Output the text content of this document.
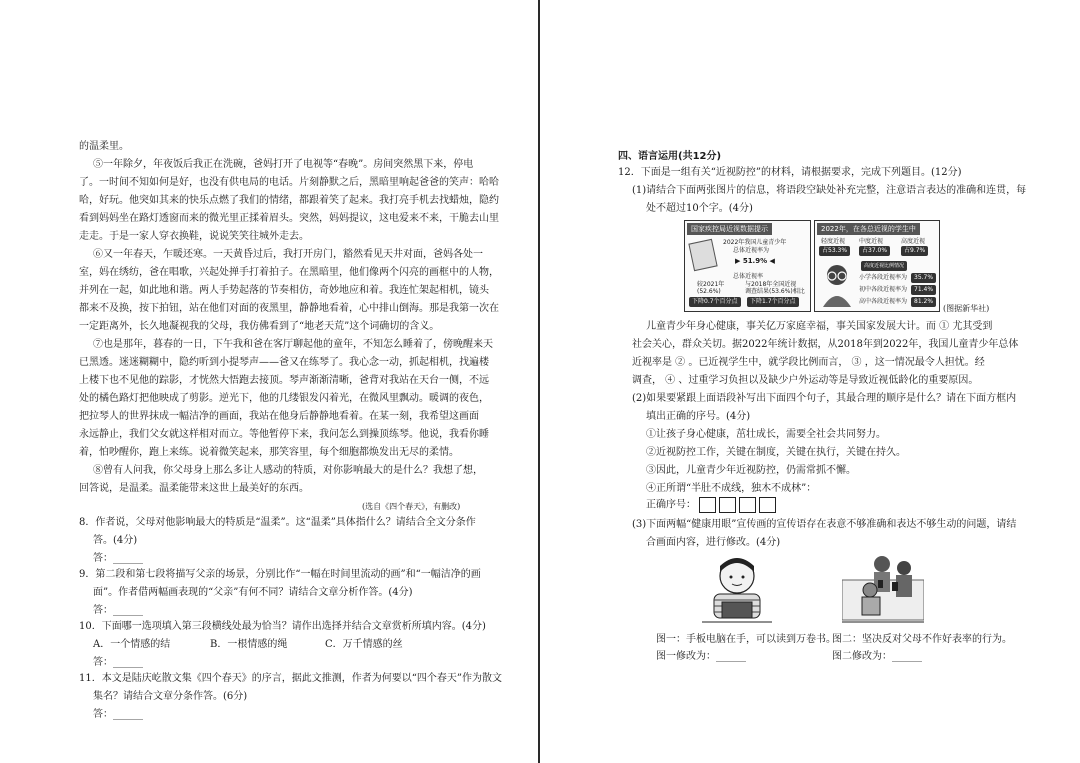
的温柔里。
⑤一年除夕，年夜饭后我正在洗碗，爸妈打开了电视等“春晚”。房间突然黑下来，停电
了。一时间不知如何是好，也没有供电局的电话。片刻静默之后，黑暗里响起爸爸的笑声：哈哈
哈，好玩。他突如其来的快乐点燃了我们的情绪，都跟着笑了起来。我打亮手机去找蜡烛，隐约
看到妈妈坐在路灯透窗而来的微光里正揉着眉头。突然，妈妈提议，这电爱来不来，干脆去山里
走走。于是一家人穿衣换鞋，说说笑笑往城外走去。
⑥又一年春天，乍暖还寒。一天黄昏过后，我打开房门，豁然看见天井对面，爸妈各处一
室，妈在绣纺，爸在唱歌，兴起处掸手打着拍子。在黑暗里，他们像两个闪亮的画框中的人物，
并列在一起，如此地和谐。两人手势起落的节奏相仿，奇妙地应和着。我连忙架起相机，镜头
都来不及换，按下拍钮，站在他们对面的夜黑里，静静地看着，心中排山倒海。那是我第一次在
一定距离外，长久地凝视我的父母，我仿佛看到了“地老天荒”这个词确切的含义。
⑦也是那年，暮春的一日，下午我和爸在客厅聊起他的童年，不知怎么睡着了，傍晚醒来天
已黑透。迷迷糊糊中，隐约听到小提琴声——爸又在练琴了。我心念一动，抓起相机，找遍楼
上楼下也不见他的踪影，才恍然大悟跑去接顶。琴声渐渐清晰，爸背对我站在天台一侧，不远
处的橘色路灯把他映成了剪影。逆光下，他的几缕银发闪着光，在微风里飘动。暖调的夜色，
把拉琴人的世界抹成一幅洁净的画面，我站在他身后静静地看着。在某一刻，我希望这画面
永远静止，我们父女就这样相对而立。等他暂停下来，我问怎么到操顶练琴。他说，我看你睡
着，怕吵醒你，跑上来练。说着微笑起来，那笑容里，每个细胞都焕发出无尽的柔情。
⑧曾有人问我，你父母身上那么多让人感动的特质，对你影响最大的是什么？我想了想，
回答说，是温柔。温柔能带来这世上最美好的东西。
(选自《四个春天》，有删改)
8．作者说，父母对他影响最大的特质是“温柔”。这“温柔”具体指什么？请结合全文分条作
答。(4分)
答：______
9．第二段和第七段将描写父亲的场景，分别比作“一幅在时间里流动的画”和“一幅洁净的画
面”。作者借两幅画表现的“父亲”有何不同？请结合文章分析作答。(4分)
答：______
10．下面哪一选项填入第三段横线处最为恰当？请作出选择并结合文章赏析所填内容。(4分)
A．一个情感的结	B．一根情感的绳	C．万千情感的丝
答：______
11．本文是陆庆屹散文集《四个春天》的序言，据此文推测，作者为何要以“四个春天”作为散文
集名？请结合文章分条作答。(6分)
答：______
四、语言运用(共12分)
12．下面是一组有关“近视防控”的材料，请根据要求，完成下列题目。(12分)
(1)请结合下面两张图片的信息，将语段空缺处补充完整，注意语言表达的准确和连贯，每
处不超过10个字。(4分)
国家疾控局近视数据提示
2022年我国儿童青少年
总体近视率为
▶ 51.9% ◀
总体近视率
较2021年
(52.6%)
与2018年全国近视
调查结果(53.6%)相比
下降0.7个百分点	下降1.7个百分点
2022年，在各总近视的学生中
轻度近视 中度近视	高度近视
占53.3%	占37.0%	占9.7%
高度近视比例情况
小学各段近视率为	35.7%
初中各段近视率为	71.4%
高中各段近视率为	81.2%
(图据新华社)
儿童青少年身心健康，事关亿万家庭幸福，事关国家发展大计。而 ① 尤其受到
社会关心，群众关切。据2022年统计数据，从2018年到2022年，我国儿童青少年总体
近视率是 ② 。已近视学生中，就学段比例而言， ③ ，这一情况最令人担忧。经
调查， ④ 、过重学习负担以及缺少户外运动等是导致近视低龄化的重要原因。
(2)如果要紧跟上面语段补写出下面四个句子，其最合理的顺序是什么？请在下面方框内
填出正确的序号。(4分)
①让孩子身心健康，茁壮成长，需要全社会共同努力。
②近视防控工作，关键在制度，关键在执行，关键在持久。
③因此，儿童青少年近视防控，仍需常抓不懈。
④正所谓“半肚不成线，独木不成林”：
正确序号：
(3)下面两幅“健康用眼”宣传画的宣传语存在表意不够准确和表达不够生动的问题，请结
合画面内容，进行修改。(4分)
图一：手板电脑在手，可以读到万卷书。
图二：坚决反对父母不作好表率的行为。
图一修改为：______	图二修改为：______
